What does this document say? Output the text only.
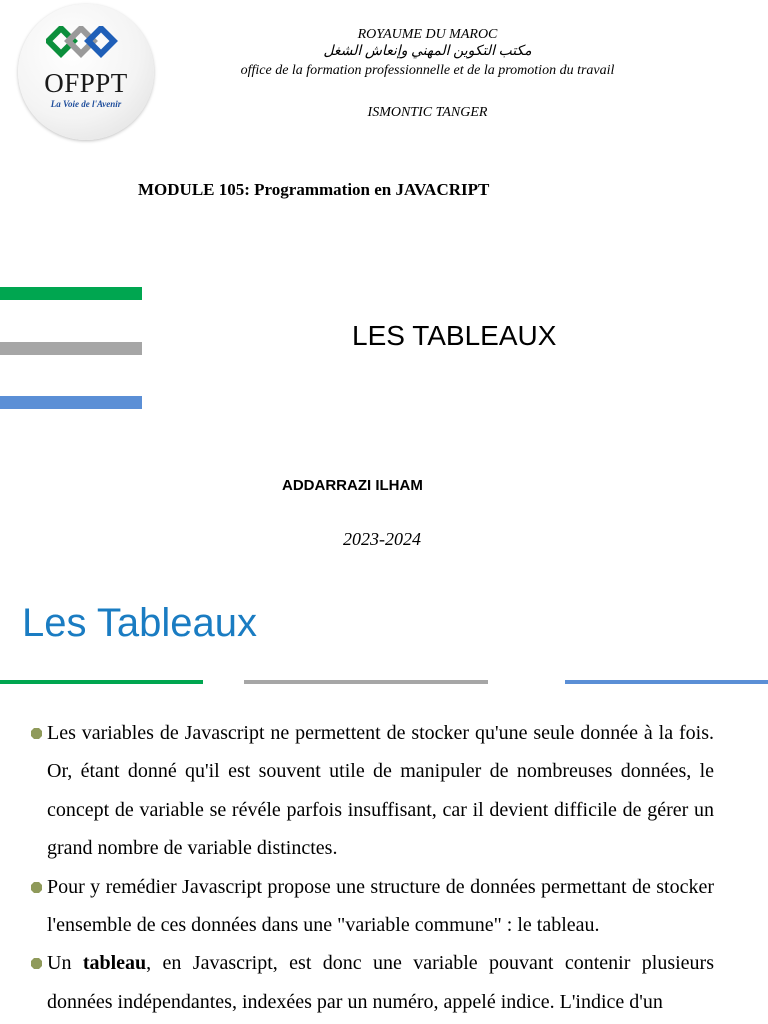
OFPPT
La Voie de l'Avenir
ROYAUME DU MAROC
مكتب التكوين المهني وإنعاش الشغل
office de la formation professionnelle et de la promotion du travail
ISMONTIC TANGER
MODULE 105: Programmation en JAVACRIPT
LES TABLEAUX
ADDARRAZI ILHAM
2023-2024
Les Tableaux

Les variables de Javascript ne permettent de stocker qu'une seule donnée à la fois. Or, étant donné qu'il est souvent utile de manipuler de nombreuses données, le concept de variable se révéle parfois insuffisant, car il devient difficile de gérer un grand nombre de variable distinctes.

Pour y remédier Javascript propose une structure de données permettant de stocker l'ensemble de ces données dans une "variable commune" : le tableau.

Un tableau, en Javascript, est donc une variable pouvant contenir plusieurs données indépendantes, indexées par un numéro, appelé indice. L'indice d'un
